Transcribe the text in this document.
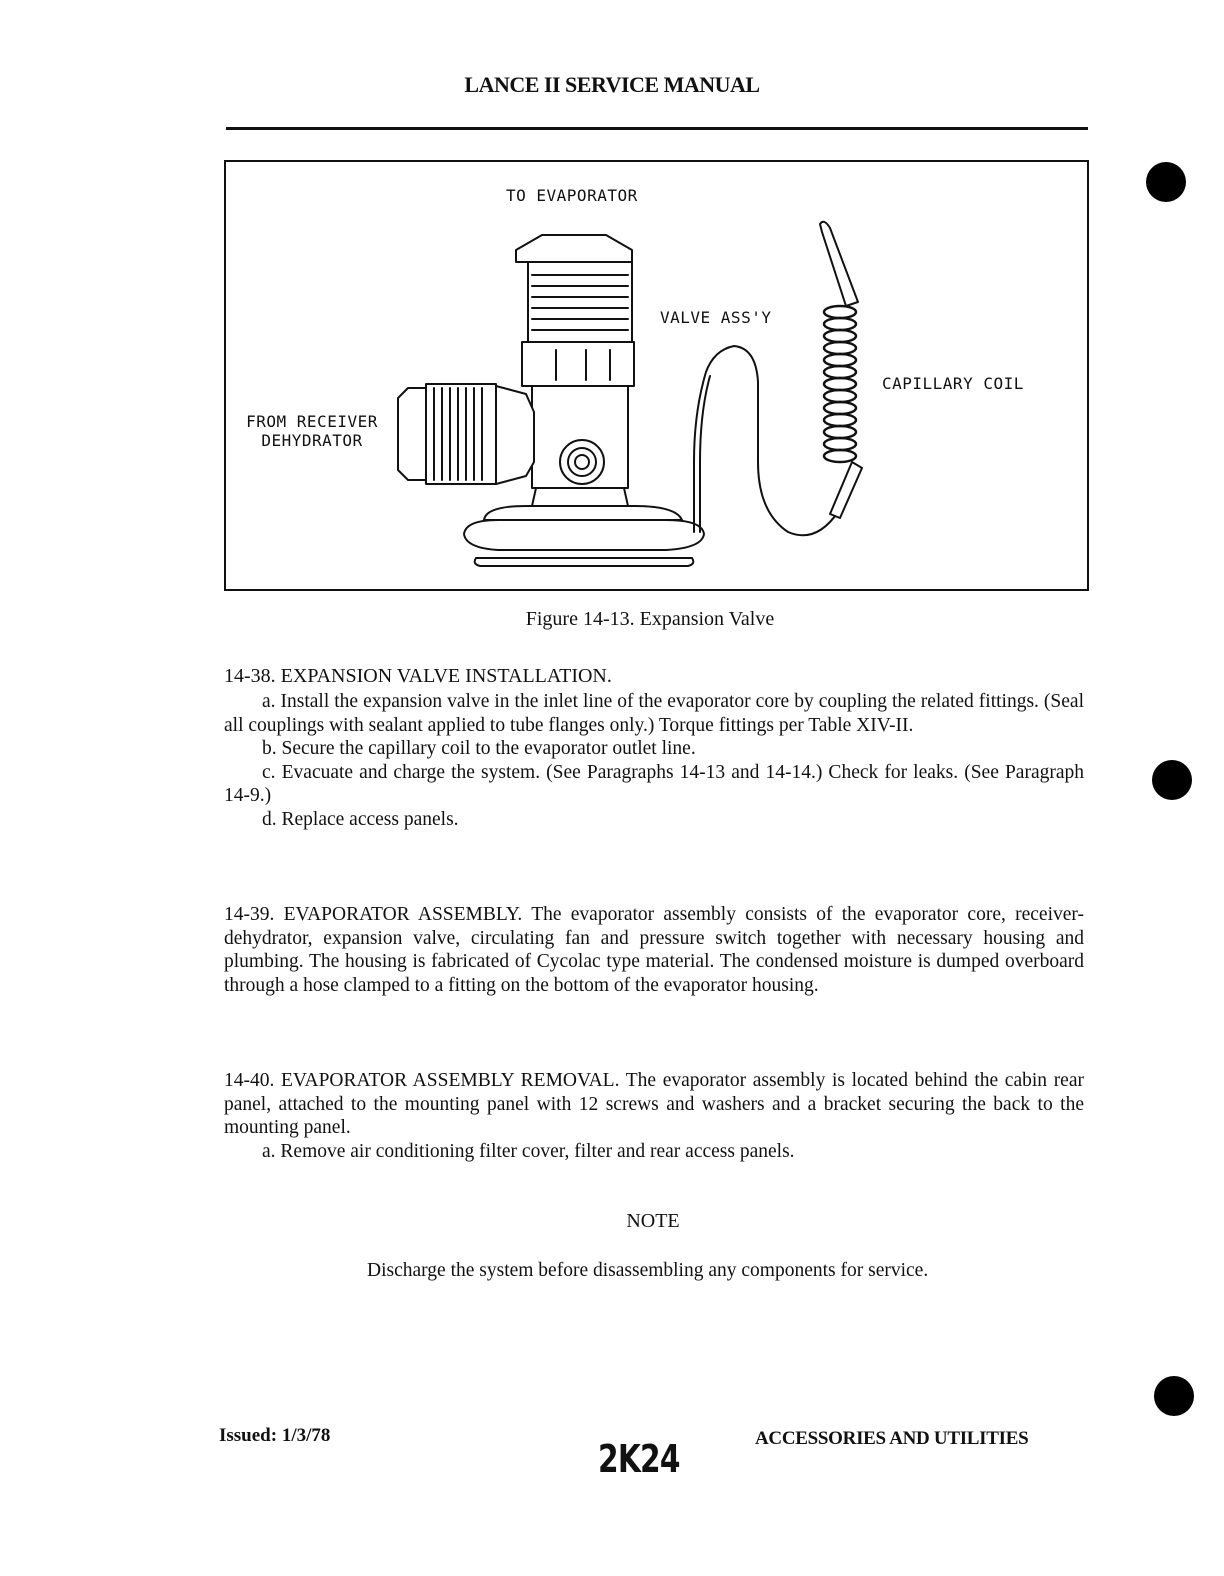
LANCE II SERVICE MANUAL
TO EVAPORATOR
VALVE ASS'Y
CAPILLARY COIL
FROM RECEIVER
DEHYDRATOR
Figure 14-13. Expansion Valve
14-38. EXPANSION VALVE INSTALLATION.

a. Install the expansion valve in the inlet line of the evaporator core by coupling the related fittings. (Seal all couplings with sealant applied to tube flanges only.) Torque fittings per Table XIV-II.

b. Secure the capillary coil to the evaporator outlet line.

c. Evacuate and charge the system. (See Paragraphs 14-13 and 14-14.) Check for leaks. (See Paragraph 14-9.)

d. Replace access panels.

14-39. EVAPORATOR ASSEMBLY. The evaporator assembly consists of the evaporator core, receiver-dehydrator, expansion valve, circulating fan and pressure switch together with necessary housing and plumbing. The housing is fabricated of Cycolac type material. The condensed moisture is dumped overboard through a hose clamped to a fitting on the bottom of the evaporator housing.

14-40. EVAPORATOR ASSEMBLY REMOVAL. The evaporator assembly is located behind the cabin rear panel, attached to the mounting panel with 12 screws and washers and a bracket securing the back to the mounting panel.

a. Remove air conditioning filter cover, filter and rear access panels.

NOTE
Discharge the system before disassembling any components for service.
Issued: 1/3/78
2K24	ACCESSORIES AND UTILITIES
